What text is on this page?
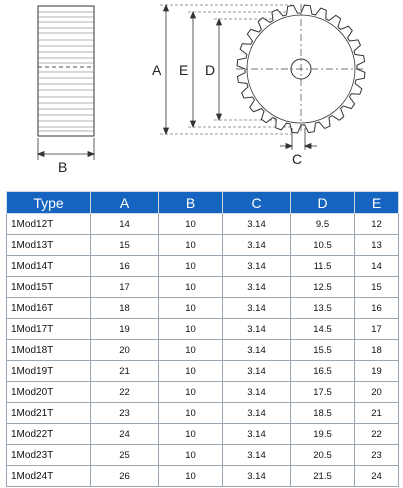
B
A E D
C
Type	A	B	C	D	E
1Mod12T	14	10	3.14	9.5	12
1Mod13T	15	10	3.14	10.5	13
1Mod14T	16	10	3.14	11.5	14
1Mod15T	17	10	3.14	12.5	15
1Mod16T	18	10	3.14	13.5	16
1Mod17T	19	10	3.14	14.5	17
1Mod18T	20	10	3.14	15.5	18
1Mod19T	21	10	3.14	16.5	19
1Mod20T	22	10	3.14	17.5	20
1Mod21T	23	10	3.14	18.5	21
1Mod22T	24	10	3.14	19.5	22
1Mod23T	25	10	3.14	20.5	23
1Mod24T	26	10	3.14	21.5	24
